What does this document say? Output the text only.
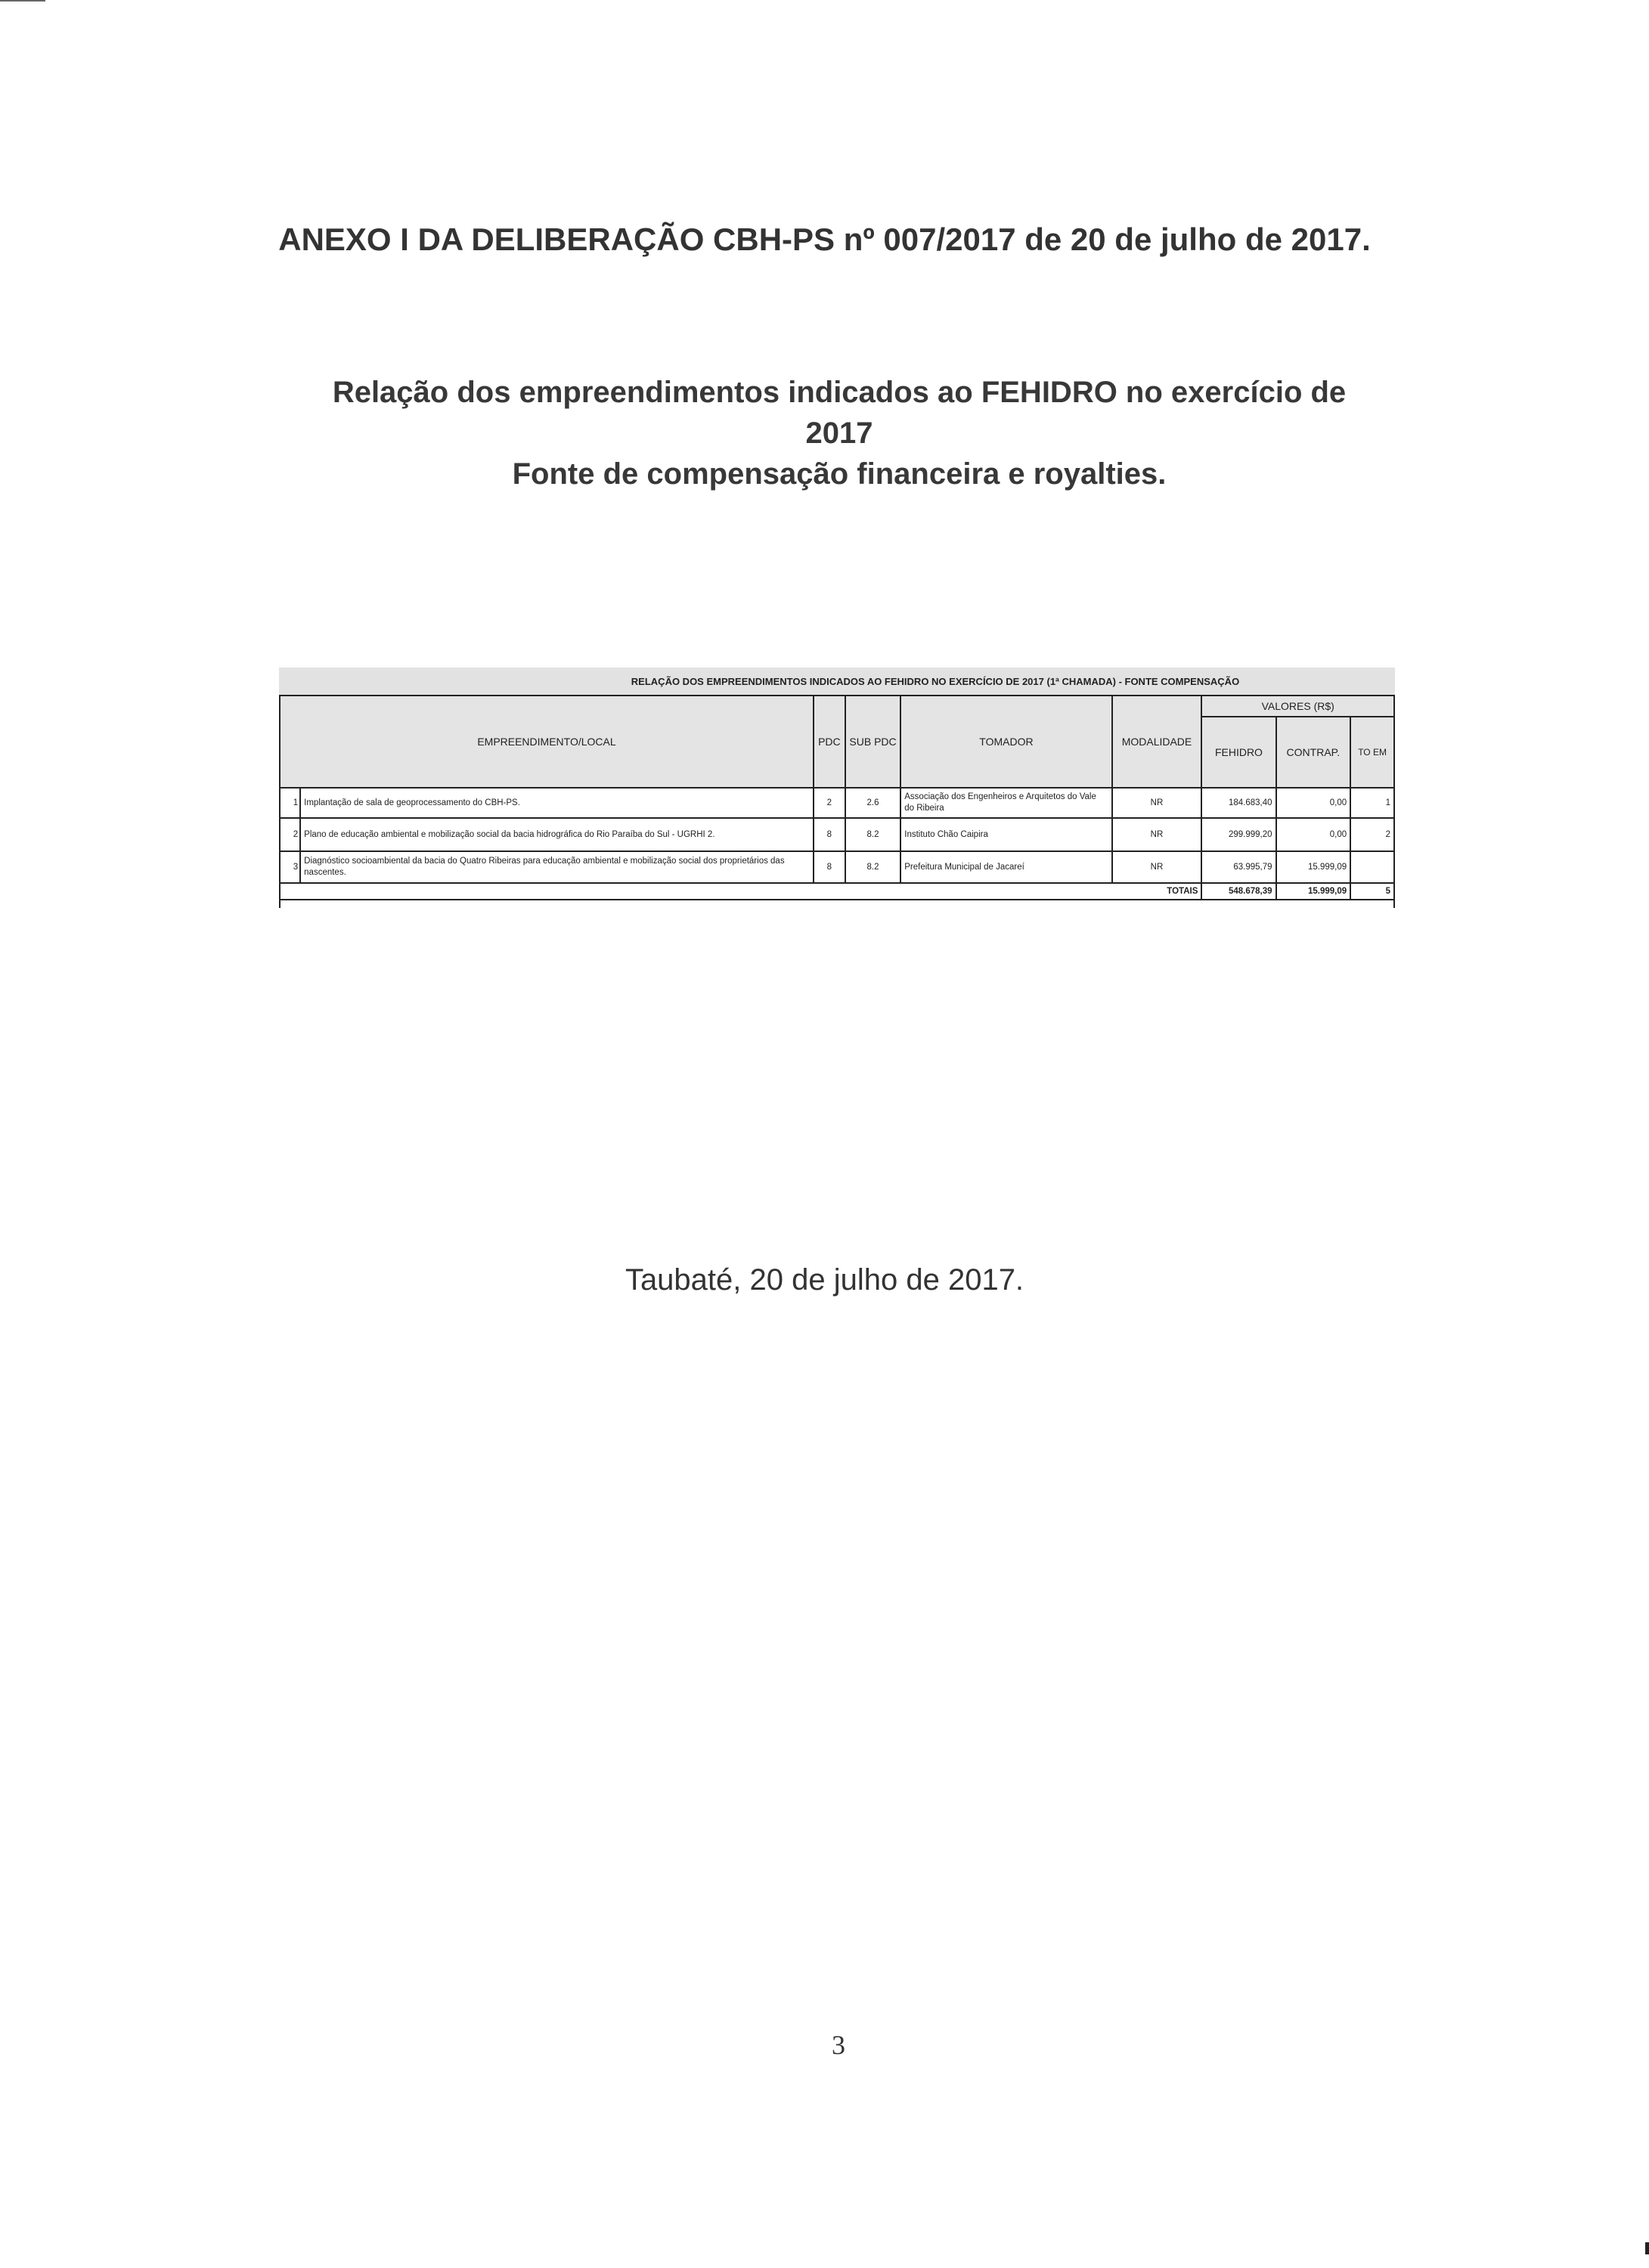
ANEXO I DA DELIBERAÇÃO CBH-PS nº 007/2017 de 20 de julho de 2017.
Relação dos empreendimentos indicados ao FEHIDRO no exercício de
2017
Fonte de compensação financeira e royalties.
RELAÇÃO DOS EMPREENDIMENTOS INDICADOS AO FEHIDRO NO EXERCÍCIO DE 2017 (1ª CHAMADA) - FONTE COMPENSAÇÃO
EMPREENDIMENTO/LOCAL		PDC	SUB PDC	TOMADOR	MODALIDADE	VALORES (R$)		
						FEHIDRO	CONTRAP.	TO EM
1	Implantação de sala de geoprocessamento do CBH-PS.	2	2.6	Associação dos Engenheiros e Arquitetos do Vale do Ribeira	NR	184.683,40	0,00	1
2	Plano de educação ambiental e mobilização social da bacia hidrográfica do Rio Paraíba do Sul - UGRHI 2.	8	8.2	Instituto Chão Caipira	NR	299.999,20	0,00	2
3	Diagnóstico socioambiental da bacia do Quatro Ribeiras para educação ambiental e mobilização social dos proprietários das nascentes.	8	8.2	Prefeitura Municipal de Jacareí	NR	63.995,79	15.999,09	
TOTAIS						548.678,39	15.999,09	5

Taubaté, 20 de julho de 2017.

3
